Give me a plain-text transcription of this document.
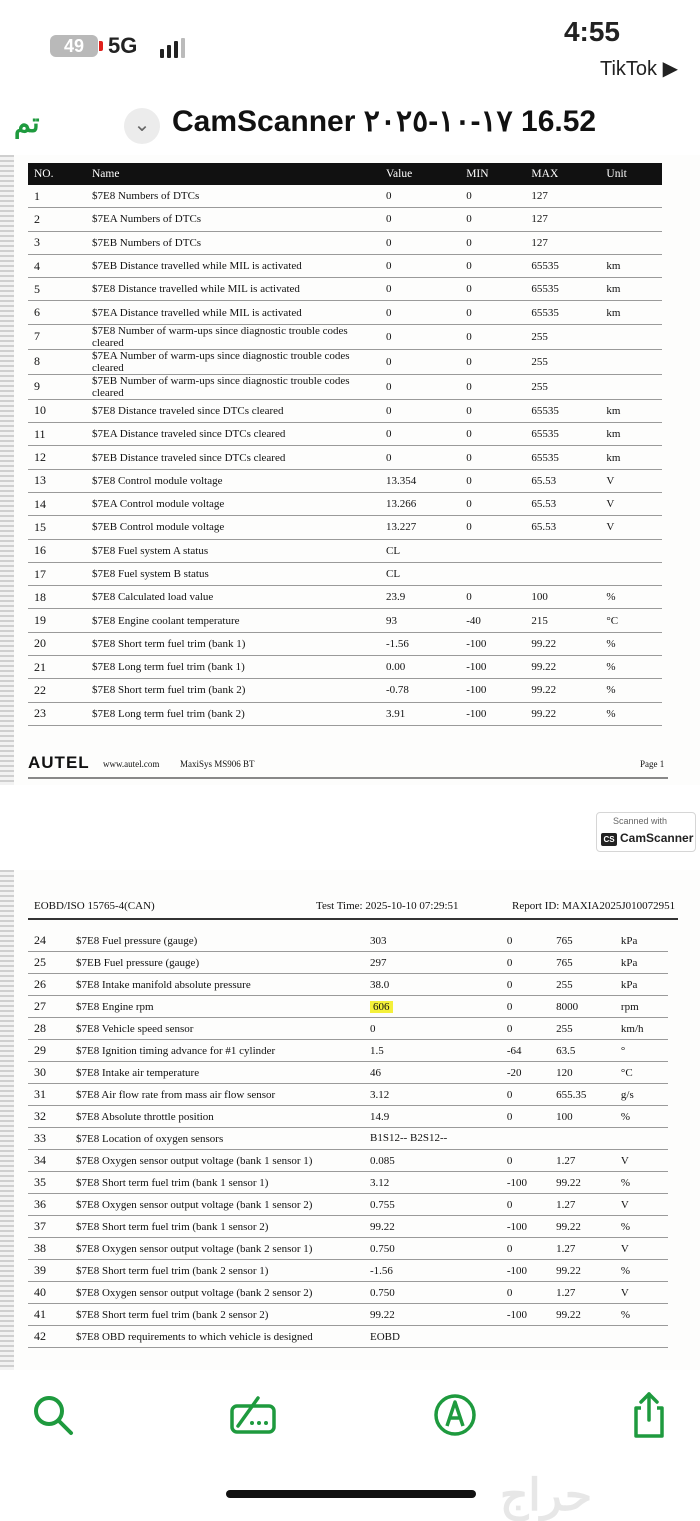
49	5G	4:55
TikTok ▶
تم	⌄ CamScanner ١٧-١٠-٢٠٢٥ 16.52
NO.	Name	Value	MIN	MAX	Unit
1	$7E8 Numbers of DTCs	0	0	127	
2	$7EA Numbers of DTCs	0	0	127	
3	$7EB Numbers of DTCs	0	0	127	
4	$7EB Distance travelled while MIL is activated	0	0	65535	km
5	$7E8 Distance travelled while MIL is activated	0	0	65535	km
6	$7EA Distance travelled while MIL is activated	0	0	65535	km
7	$7E8 Number of warm-ups since diagnostic trouble codes cleared	0	0	255	
8	$7EA Number of warm-ups since diagnostic trouble codes cleared	0	0	255	
9	$7EB Number of warm-ups since diagnostic trouble codes cleared	0	0	255	
10	$7E8 Distance traveled since DTCs cleared	0	0	65535	km
11	$7EA Distance traveled since DTCs cleared	0	0	65535	km
12	$7EB Distance traveled since DTCs cleared	0	0	65535	km
13	$7E8 Control module voltage	13.354	0	65.53	V
14	$7EA Control module voltage	13.266	0	65.53	V
15	$7EB Control module voltage	13.227	0	65.53	V
16	$7E8 Fuel system A status	CL			
17	$7E8 Fuel system B status	CL			
18	$7E8 Calculated load value	23.9	0	100	%
19	$7E8 Engine coolant temperature	93	-40	215	°C
20	$7E8 Short term fuel trim (bank 1)	-1.56	-100	99.22	%
21	$7E8 Long term fuel trim (bank 1)	0.00	-100	99.22	%
22	$7E8 Short term fuel trim (bank 2)	-0.78	-100	99.22	%
23	$7E8 Long term fuel trim (bank 2)	3.91	-100	99.22	%
AUTEL www.autel.com MaxiSys MS906 BT	Page 1
Scanned with
CS CamScanner
EOBD/ISO 15765-4(CAN)	Test Time: 2025-10-10 07:29:51	Report ID: MAXIA2025J010072951
24	$7E8 Fuel pressure (gauge)	303	0	765	kPa
25	$7EB Fuel pressure (gauge)	297	0	765	kPa
26	$7E8 Intake manifold absolute pressure	38.0	0	255	kPa
27	$7E8 Engine rpm	606	0	8000	rpm
28	$7E8 Vehicle speed sensor	0	0	255	km/h
29	$7E8 Ignition timing advance for #1 cylinder	1.5	-64	63.5	°
30	$7E8 Intake air temperature	46	-20	120	°C
31	$7E8 Air flow rate from mass air flow sensor	3.12	0	655.35	g/s
32	$7E8 Absolute throttle position	14.9	0	100	%
33	$7E8 Location of oxygen sensors	B1S12-- B2S12--			
34	$7E8 Oxygen sensor output voltage (bank 1 sensor 1)	0.085	0	1.27	V
35	$7E8 Short term fuel trim (bank 1 sensor 1)	3.12	-100	99.22	%
36	$7E8 Oxygen sensor output voltage (bank 1 sensor 2)	0.755	0	1.27	V
37	$7E8 Short term fuel trim (bank 1 sensor 2)	99.22	-100	99.22	%
38	$7E8 Oxygen sensor output voltage (bank 2 sensor 1)	0.750	0	1.27	V
39	$7E8 Short term fuel trim (bank 2 sensor 1)	-1.56	-100	99.22	%
40	$7E8 Oxygen sensor output voltage (bank 2 sensor 2)	0.750	0	1.27	V
41	$7E8 Short term fuel trim (bank 2 sensor 2)	99.22	-100	99.22	%
42	$7E8 OBD requirements to which vehicle is designed	EOBD			
حراج
